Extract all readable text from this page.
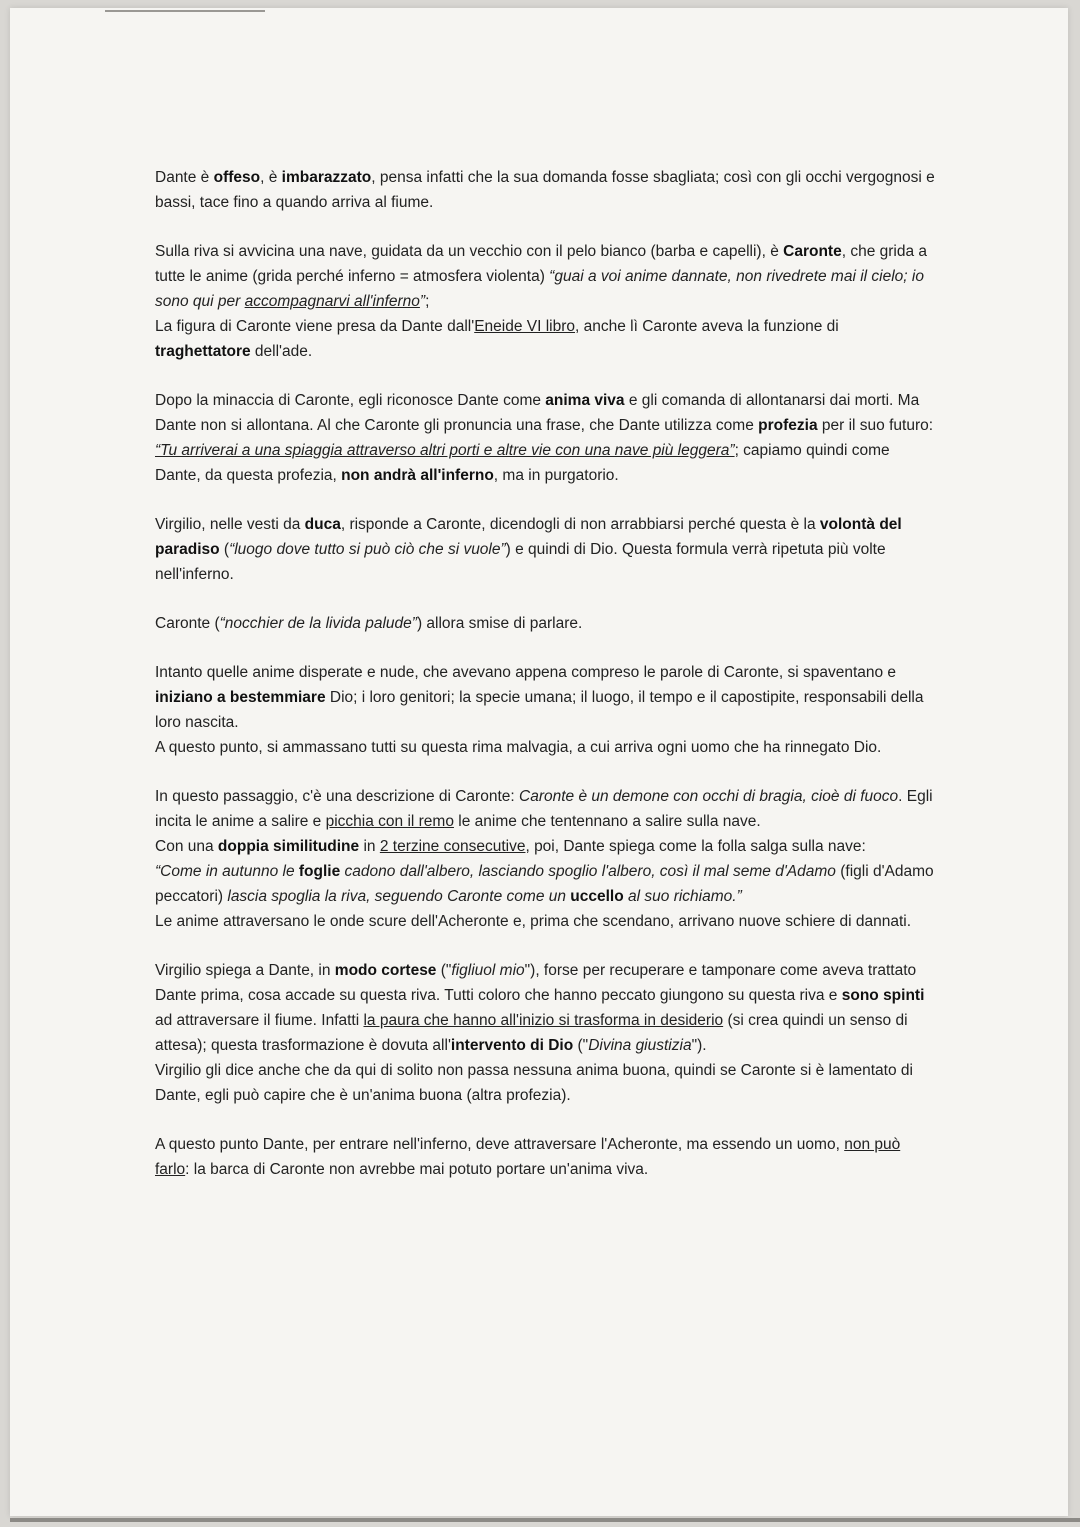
Dante è offeso, è imbarazzato, pensa infatti che la sua domanda fosse sbagliata; così con gli occhi vergognosi e bassi, tace fino a quando arriva al fiume.

Sulla riva si avvicina una nave, guidata da un vecchio con il pelo bianco (barba e capelli), è Caronte, che grida a tutte le anime (grida perché inferno = atmosfera violenta) “guai a voi anime dannate, non rivedrete mai il cielo; io sono qui per accompagnarvi all'inferno”;
La figura di Caronte viene presa da Dante dall'Eneide VI libro, anche lì Caronte aveva la funzione di traghettatore dell'ade.

Dopo la minaccia di Caronte, egli riconosce Dante come anima viva e gli comanda di allontanarsi dai morti. Ma Dante non si allontana. Al che Caronte gli pronuncia una frase, che Dante utilizza come profezia per il suo futuro: “Tu arriverai a una spiaggia attraverso altri porti e altre vie con una nave più leggera”; capiamo quindi come Dante, da questa profezia, non andrà all'inferno, ma in purgatorio.

Virgilio, nelle vesti da duca, risponde a Caronte, dicendogli di non arrabbiarsi perché questa è la volontà del paradiso (“luogo dove tutto si può ciò che si vuole”) e quindi di Dio. Questa formula verrà ripetuta più volte nell'inferno.

Caronte (“nocchier de la livida palude”) allora smise di parlare.

Intanto quelle anime disperate e nude, che avevano appena compreso le parole di Caronte, si spaventano e iniziano a bestemmiare Dio; i loro genitori; la specie umana; il luogo, il tempo e il capostipite, responsabili della loro nascita.
A questo punto, si ammassano tutti su questa rima malvagia, a cui arriva ogni uomo che ha rinnegato Dio.

In questo passaggio, c'è una descrizione di Caronte: Caronte è un demone con occhi di bragia, cioè di fuoco. Egli incita le anime a salire e picchia con il remo le anime che tentennano a salire sulla nave.
Con una doppia similitudine in 2 terzine consecutive, poi, Dante spiega come la folla salga sulla nave:
“Come in autunno le foglie cadono dall'albero, lasciando spoglio l'albero, così il mal seme d'Adamo (figli d'Adamo peccatori) lascia spoglia la riva, seguendo Caronte come un uccello al suo richiamo.”
Le anime attraversano le onde scure dell'Acheronte e, prima che scendano, arrivano nuove schiere di dannati.

Virgilio spiega a Dante, in modo cortese ("figliuol mio"), forse per recuperare e tamponare come aveva trattato Dante prima, cosa accade su questa riva. Tutti coloro che hanno peccato giungono su questa riva e sono spinti ad attraversare il fiume. Infatti la paura che hanno all'inizio si trasforma in desiderio (si crea quindi un senso di attesa); questa trasformazione è dovuta all'intervento di Dio ("Divina giustizia").
Virgilio gli dice anche che da qui di solito non passa nessuna anima buona, quindi se Caronte si è lamentato di Dante, egli può capire che è un'anima buona (altra profezia).

A questo punto Dante, per entrare nell'inferno, deve attraversare l'Acheronte, ma essendo un uomo, non può farlo: la barca di Caronte non avrebbe mai potuto portare un'anima viva.
